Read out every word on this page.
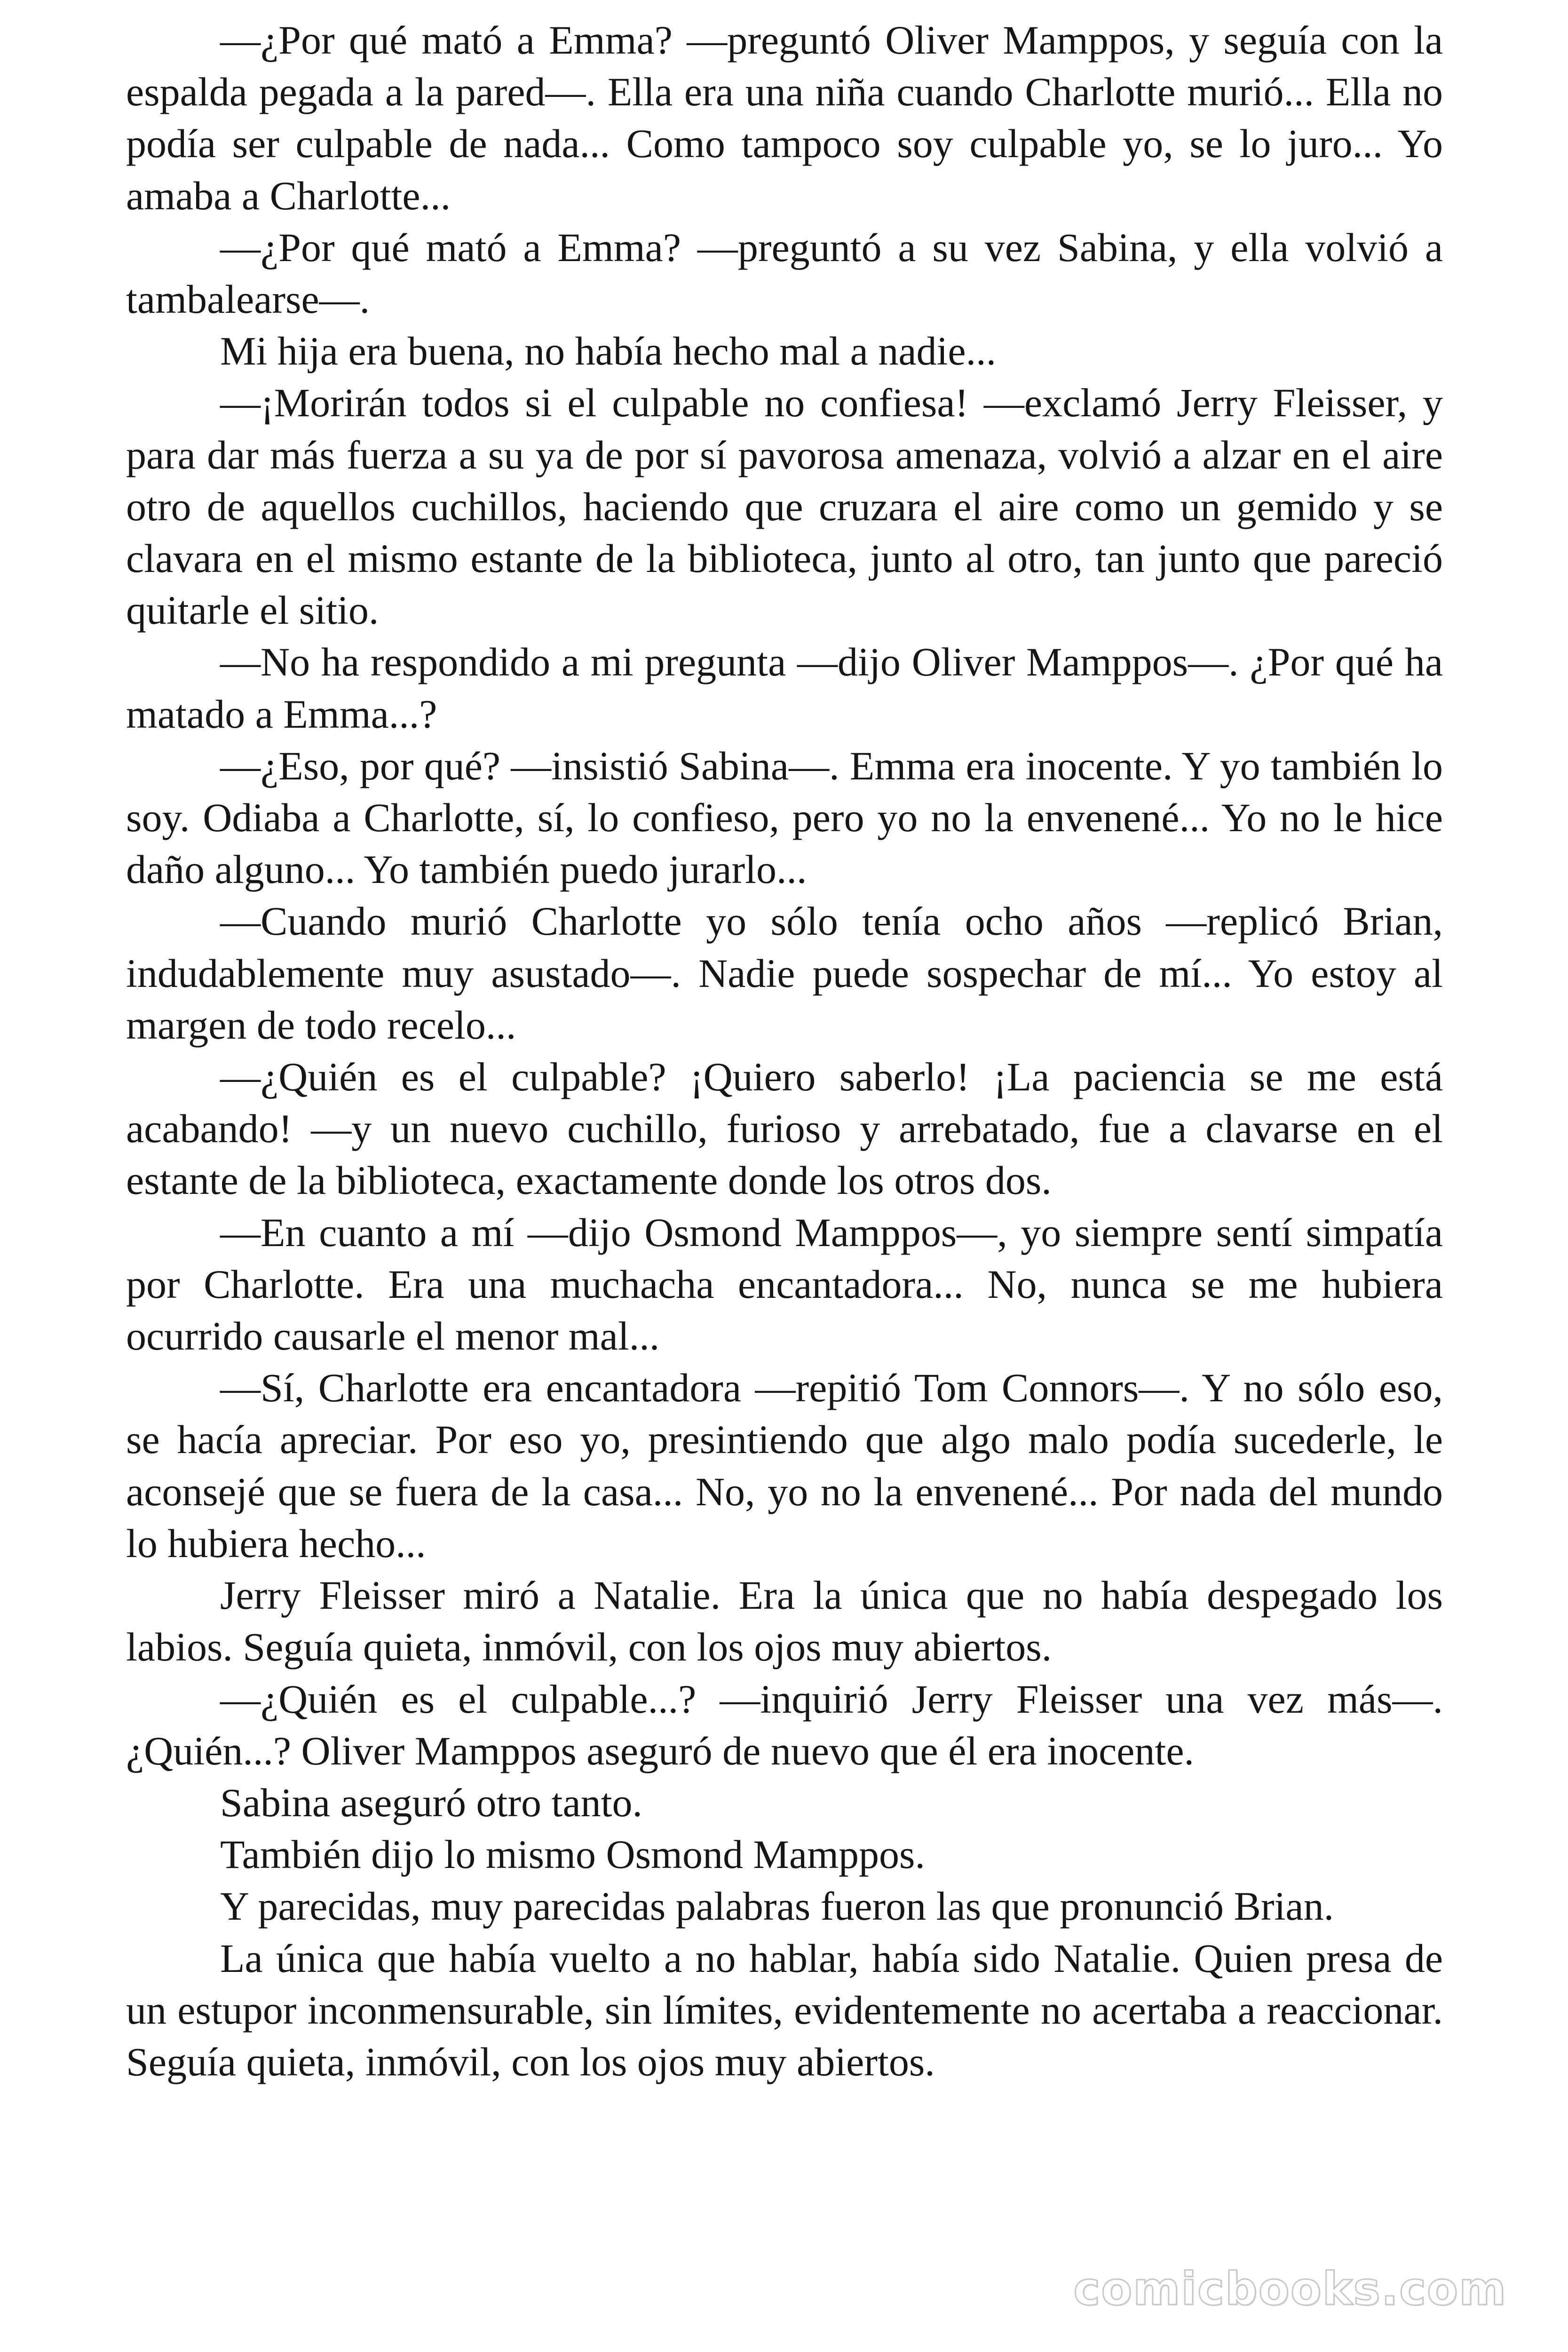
—¿Por qué mató a Emma? —preguntó Oliver Mamppos, y seguía con la espalda pegada a la pared—. Ella era una niña cuando Charlotte murió... Ella no podía ser culpable de nada... Como tampoco soy culpable yo, se lo juro... Yo amaba a Charlotte...

—¿Por qué mató a Emma? —preguntó a su vez Sabina, y ella volvió a tambalearse—.

Mi hija era buena, no había hecho mal a nadie...

—¡Morirán todos si el culpable no confiesa! —exclamó Jerry Fleisser, y para dar más fuerza a su ya de por sí pavorosa amenaza, volvió a alzar en el aire otro de aquellos cuchillos, haciendo que cruzara el aire como un gemido y se clavara en el mismo estante de la biblioteca, junto al otro, tan junto que pareció quitarle el sitio.

—No ha respondido a mi pregunta —dijo Oliver Mamppos—. ¿Por qué ha matado a Emma...?

—¿Eso, por qué? —insistió Sabina—. Emma era inocente. Y yo también lo soy. Odiaba a Charlotte, sí, lo confieso, pero yo no la envenené... Yo no le hice daño alguno... Yo también puedo jurarlo...

—Cuando murió Charlotte yo sólo tenía ocho años —replicó Brian, indudablemente muy asustado—. Nadie puede sospechar de mí... Yo estoy al margen de todo recelo...

—¿Quién es el culpable? ¡Quiero saberlo! ¡La paciencia se me está acabando! —y un nuevo cuchillo, furioso y arrebatado, fue a clavarse en el estante de la biblioteca, exactamente donde los otros dos.

—En cuanto a mí —dijo Osmond Mamppos—, yo siempre sentí simpatía por Charlotte. Era una muchacha encantadora... No, nunca se me hubiera ocurrido causarle el menor mal...

—Sí, Charlotte era encantadora —repitió Tom Connors—. Y no sólo eso, se hacía apreciar. Por eso yo, presintiendo que algo malo podía sucederle, le aconsejé que se fuera de la casa... No, yo no la envenené... Por nada del mundo lo hubiera hecho...

Jerry Fleisser miró a Natalie. Era la única que no había despegado los labios. Seguía quieta, inmóvil, con los ojos muy abiertos.

—¿Quién es el culpable...? —inquirió Jerry Fleisser una vez más—. ¿Quién...? Oliver Mamppos aseguró de nuevo que él era inocente.

Sabina aseguró otro tanto.

También dijo lo mismo Osmond Mamppos.

Y parecidas, muy parecidas palabras fueron las que pronunció Brian.

La única que había vuelto a no hablar, había sido Natalie. Quien presa de un estupor inconmensurable, sin límites, evidentemente no acertaba a reaccionar. Seguía quieta, inmóvil, con los ojos muy abiertos.

comicbooks.com
